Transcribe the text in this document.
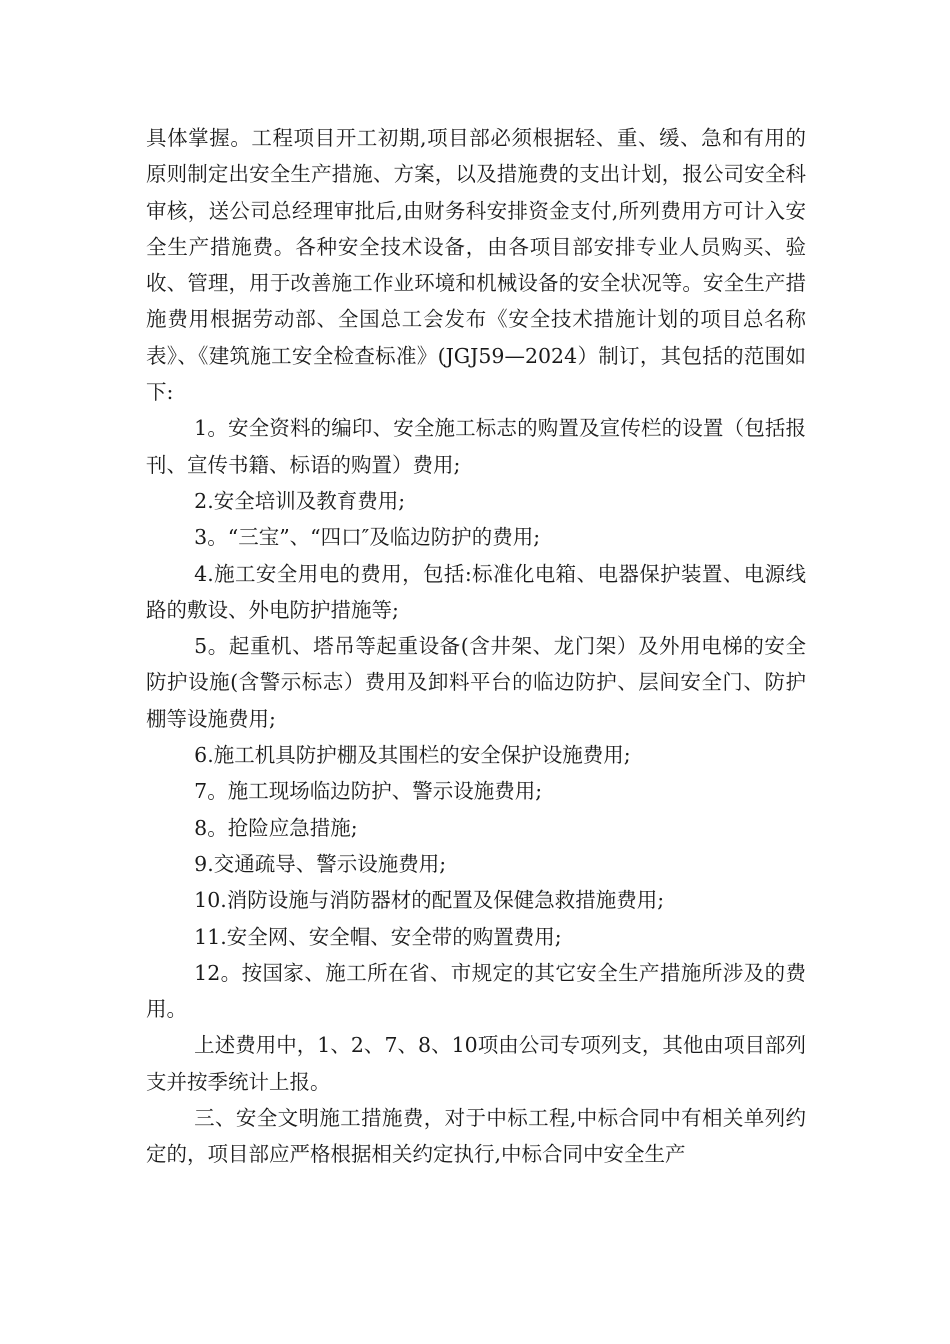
具体掌握。工程项目开工初期,项目部必须根据轻、重、缓、急和有用的原则制定出安全生产措施、方案，以及措施费的支出计划，报公司安全科审核，送公司总经理审批后,由财务科安排资金支付,所列费用方可计入安全生产措施费。各种安全技术设备，由各项目部安排专业人员购买、验收、管理，用于改善施工作业环境和机械设备的安全状况等。安全生产措施费用根据劳动部、全国总工会发布《安全技术措施计划的项目总名称表》、《建筑施工安全检查标准》(JGJ59—2024）制订，其包括的范围如下:

1。安全资料的编印、安全施工标志的购置及宣传栏的设置（包括报刊、宣传书籍、标语的购置）费用;

2.安全培训及教育费用;

3。“三宝”、“四口″及临边防护的费用;

4.施工安全用电的费用，包括:标准化电箱、电器保护装置、电源线路的敷设、外电防护措施等;

5。起重机、塔吊等起重设备(含井架、龙门架）及外用电梯的安全防护设施(含警示标志）费用及卸料平台的临边防护、层间安全门、防护棚等设施费用;

6.施工机具防护棚及其围栏的安全保护设施费用;

7。施工现场临边防护、警示设施费用;

8。抢险应急措施;

9.交通疏导、警示设施费用;

10.消防设施与消防器材的配置及保健急救措施费用;

11.安全网、安全帽、安全带的购置费用;

12。按国家、施工所在省、市规定的其它安全生产措施所涉及的费用。

上述费用中，1、2、7、8、10项由公司专项列支，其他由项目部列支并按季统计上报。

三、安全文明施工措施费，对于中标工程,中标合同中有相关单列约定的，项目部应严格根据相关约定执行,中标合同中安全生产
